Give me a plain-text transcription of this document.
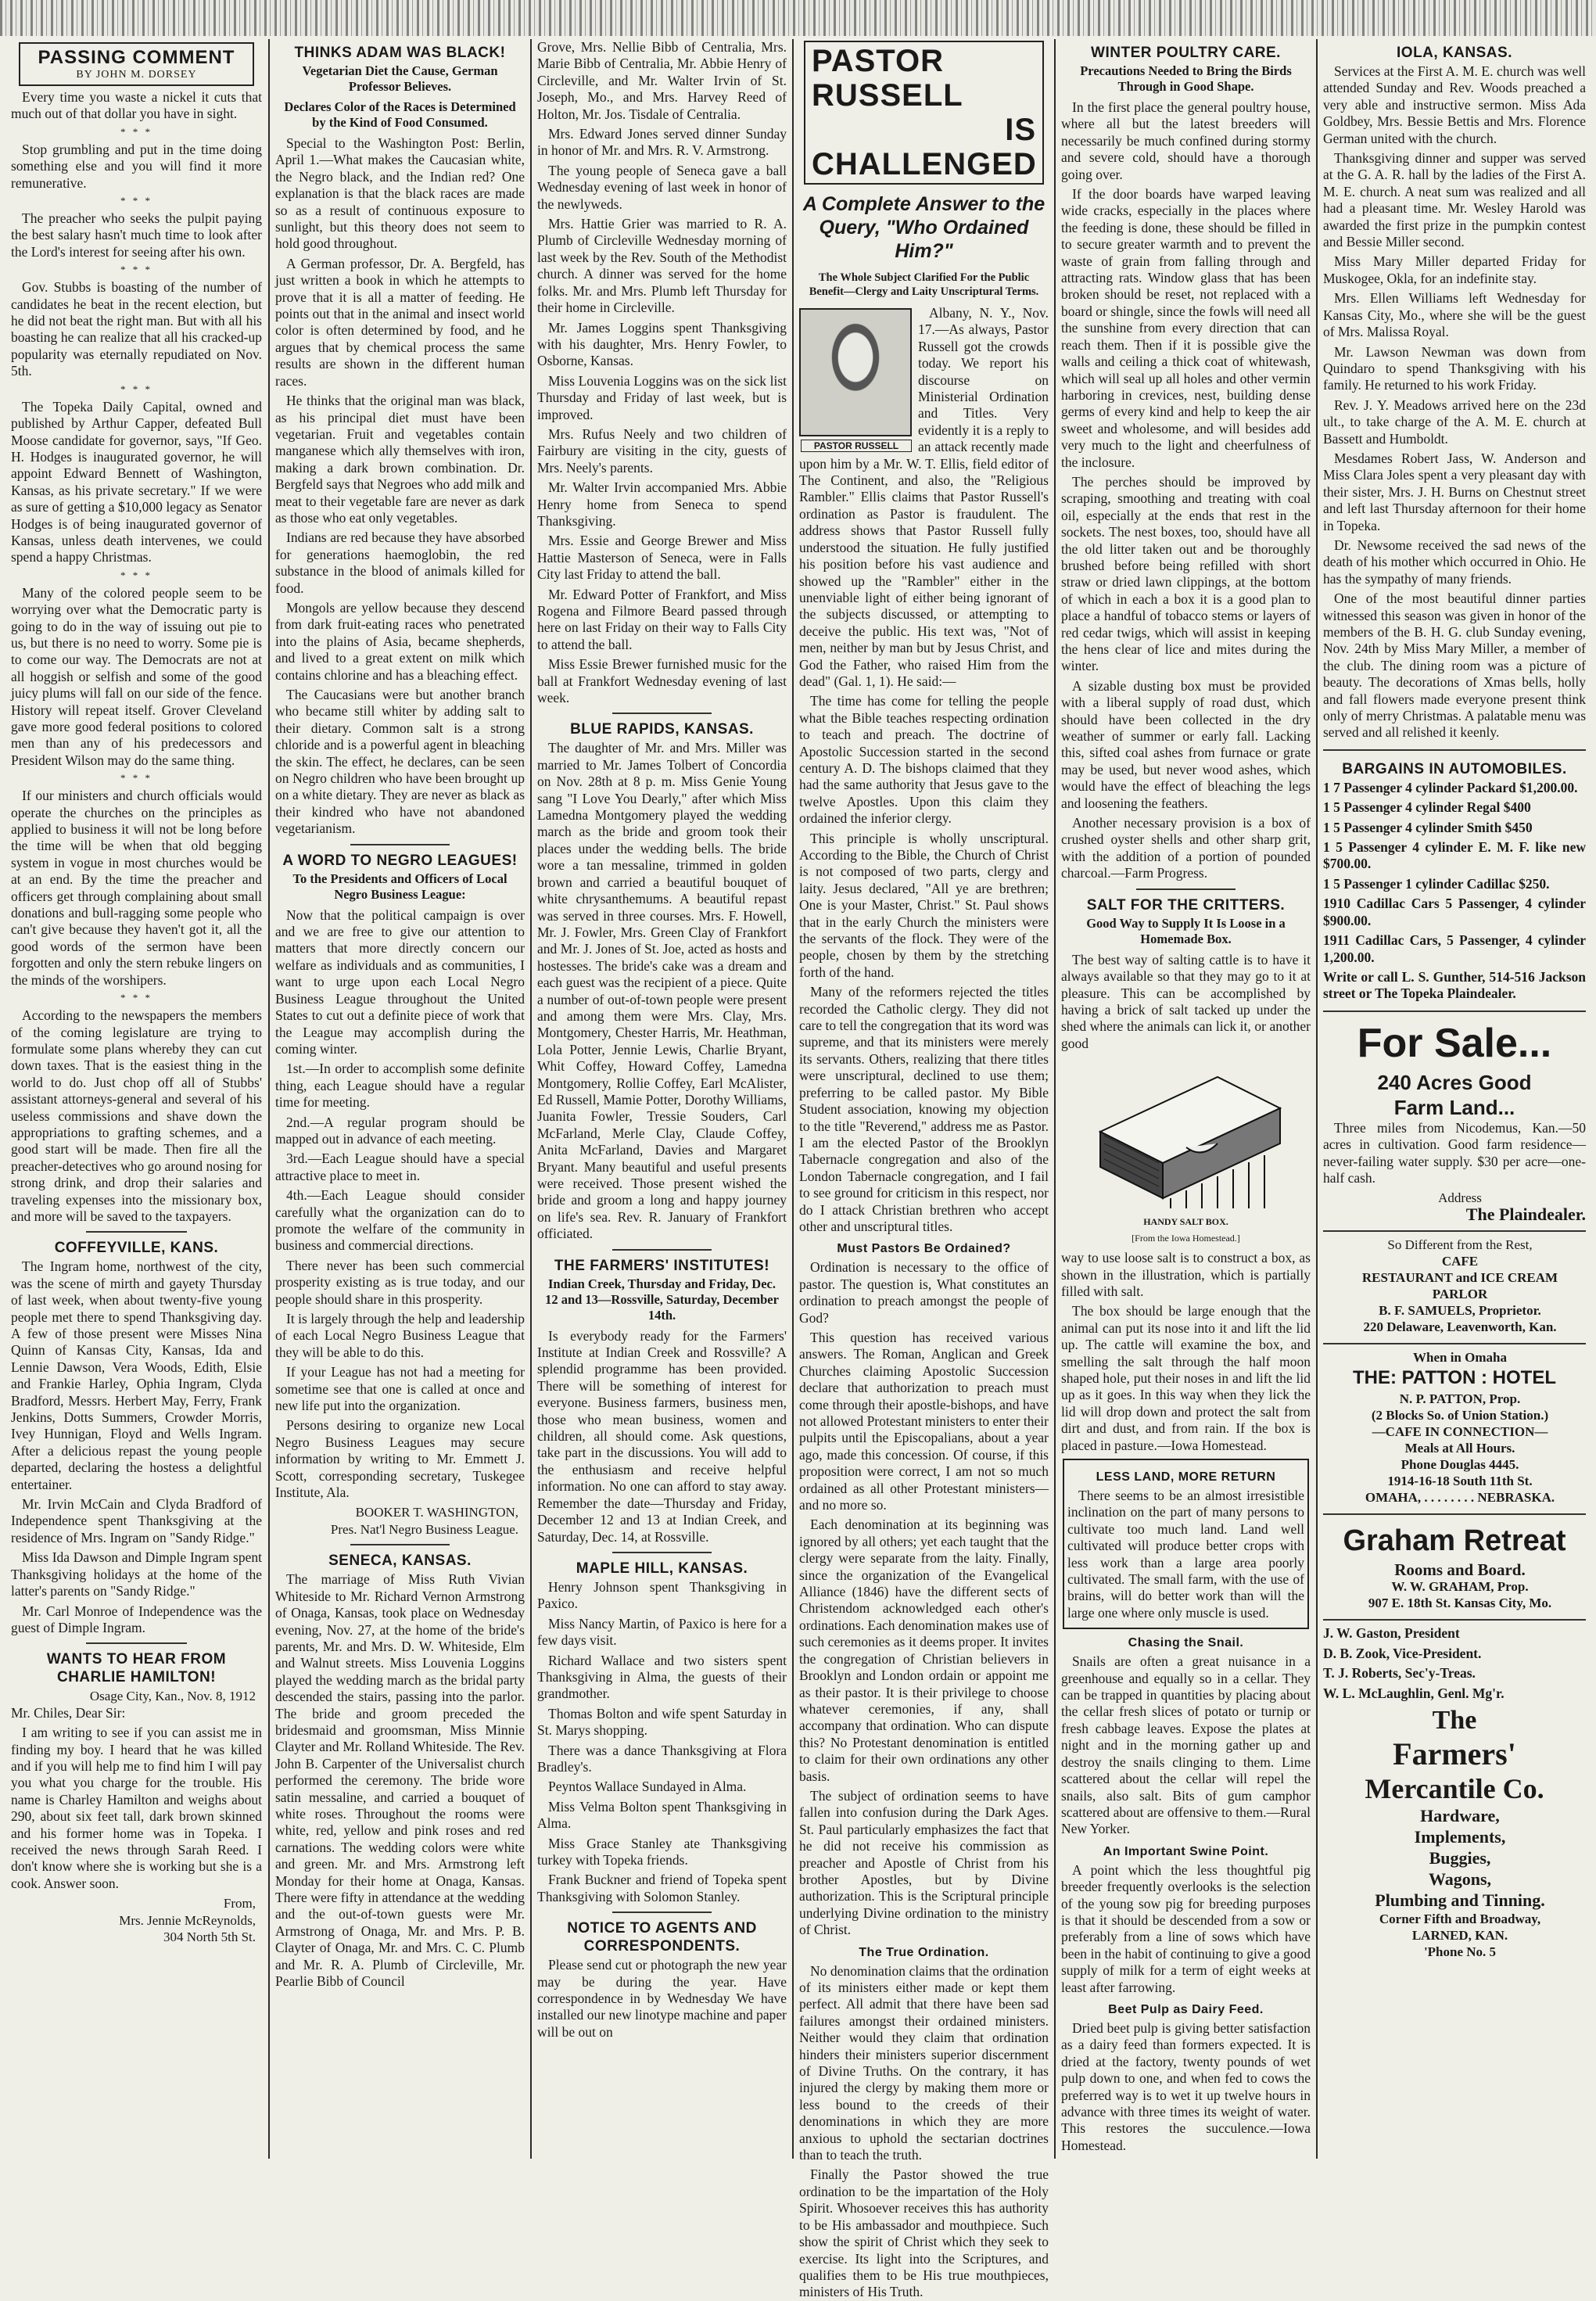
PASSING COMMENT
BY JOHN M. DORSEY

Every time you waste a nickel it cuts that much out of that dollar you have in sight.

* * *

Stop grumbling and put in the time doing something else and you will find it more remunerative.

* * *

The preacher who seeks the pulpit paying the best salary hasn't much time to look after the Lord's interest for seeing after his own.

* * *

Gov. Stubbs is boasting of the number of candidates he beat in the recent election, but he did not beat the right man. But with all his boasting he can realize that all his cracked-up popularity was eternally repudiated on Nov. 5th.

* * *

The Topeka Daily Capital, owned and published by Arthur Capper, defeated Bull Moose candidate for governor, says, "If Geo. H. Hodges is inaugurated governor, he will appoint Edward Bennett of Washington, Kansas, as his private secretary." If we were as sure of getting a $10,000 legacy as Senator Hodges is of being inaugurated governor of Kansas, unless death intervenes, we could spend a happy Christmas.

* * *

Many of the colored people seem to be worrying over what the Democratic party is going to do in the way of issuing out pie to us, but there is no need to worry. Some pie is to come our way. The Democrats are not at all hoggish or selfish and some of the good juicy plums will fall on our side of the fence. History will repeat itself. Grover Cleveland gave more good federal positions to colored men than any of his predecessors and President Wilson may do the same thing.

* * *

If our ministers and church officials would operate the churches on the principles as applied to business it will not be long before the time will be when that old begging system in vogue in most churches would be at an end. By the time the preacher and officers get through complaining about small donations and bull-ragging some people who can't give because they haven't got it, all the good words of the sermon have been forgotten and only the stern rebuke lingers on the minds of the worshipers.

* * *

According to the newspapers the members of the coming legislature are trying to formulate some plans whereby they can cut down taxes. That is the easiest thing in the world to do. Just chop off all of Stubbs' assistant attorneys-general and several of his useless commissions and shave down the appropriations to grafting schemes, and a good start will be made. Then fire all the preacher-detectives who go around nosing for strong drink, and drop their salaries and traveling expenses into the missionary box, and more will be saved to the taxpayers.

COFFEYVILLE, KANS.

The Ingram home, northwest of the city, was the scene of mirth and gayety Thursday of last week, when about twenty-five young people met there to spend Thanksgiving day. A few of those present were Misses Nina Quinn of Kansas City, Kansas, Ida and Lennie Dawson, Vera Woods, Edith, Elsie and Frankie Harley, Ophia Ingram, Clyda Bradford, Messrs. Herbert May, Ferry, Frank Jenkins, Dotts Summers, Crowder Morris, Ivey Hunnigan, Floyd and Wells Ingram. After a delicious repast the young people departed, declaring the hostess a delightful entertainer.

Mr. Irvin McCain and Clyda Bradford of Independence spent Thanksgiving at the residence of Mrs. Ingram on "Sandy Ridge."

Miss Ida Dawson and Dimple Ingram spent Thanksgiving holidays at the home of the latter's parents on "Sandy Ridge."

Mr. Carl Monroe of Independence was the guest of Dimple Ingram.

WANTS TO HEAR FROM CHARLIE HAMILTON!

Osage City, Kan., Nov. 8, 1912

Mr. Chiles, Dear Sir:

I am writing to see if you can assist me in finding my boy. I heard that he was killed and if you will help me to find him I will pay you what you charge for the trouble. His name is Charley Hamilton and weighs about 290, about six feet tall, dark brown skinned and his former home was in Topeka. I received the news through Sarah Reed. I don't know where she is working but she is a cook. Answer soon.

From,

Mrs. Jennie McReynolds,

304 North 5th St.

THINKS ADAM WAS BLACK!
Vegetarian Diet the Cause, German Professor Believes.
Declares Color of the Races is Determined by the Kind of Food Consumed.

Special to the Washington Post: Berlin, April 1.—What makes the Caucasian white, the Negro black, and the Indian red? One explanation is that the black races are made so as a result of continuous exposure to sunlight, but this theory does not seem to hold good throughout.

A German professor, Dr. A. Bergfeld, has just written a book in which he attempts to prove that it is all a matter of feeding. He points out that in the animal and insect world color is often determined by food, and he argues that by chemical process the same results are shown in the different human races.

He thinks that the original man was black, as his principal diet must have been vegetarian. Fruit and vegetables contain manganese which ally themselves with iron, making a dark brown combination. Dr. Bergfeld says that Negroes who add milk and meat to their vegetable fare are never as dark as those who eat only vegetables.

Indians are red because they have absorbed for generations haemoglobin, the red substance in the blood of animals killed for food.

Mongols are yellow because they descend from dark fruit-eating races who penetrated into the plains of Asia, became shepherds, and lived to a great extent on milk which contains chlorine and has a bleaching effect.

The Caucasians were but another branch who became still whiter by adding salt to their dietary. Common salt is a strong chloride and is a powerful agent in bleaching the skin. The effect, he declares, can be seen on Negro children who have been brought up on a white dietary. They are never as black as their kindred who have not abandoned vegetarianism.

A WORD TO NEGRO LEAGUES!
To the Presidents and Officers of Local Negro Business League:

Now that the political campaign is over and we are free to give our attention to matters that more directly concern our welfare as individuals and as communities, I want to urge upon each Local Negro Business League throughout the United States to cut out a definite piece of work that the League may accomplish during the coming winter.

1st.—In order to accomplish some definite thing, each League should have a regular time for meeting.

2nd.—A regular program should be mapped out in advance of each meeting.

3rd.—Each League should have a special attractive place to meet in.

4th.—Each League should consider carefully what the organization can do to promote the welfare of the community in business and commercial directions.

There never has been such commercial prosperity existing as is true today, and our people should share in this prosperity.

It is largely through the help and leadership of each Local Negro Business League that they will be able to do this.

If your League has not had a meeting for sometime see that one is called at once and new life put into the organization.

Persons desiring to organize new Local Negro Business Leagues may secure information by writing to Mr. Emmett J. Scott, corresponding secretary, Tuskegee Institute, Ala.

BOOKER T. WASHINGTON,

Pres. Nat'l Negro Business League.

SENECA, KANSAS.

The marriage of Miss Ruth Vivian Whiteside to Mr. Richard Vernon Armstrong of Onaga, Kansas, took place on Wednesday evening, Nov. 27, at the home of the bride's parents, Mr. and Mrs. D. W. Whiteside, Elm and Walnut streets. Miss Louvenia Loggins played the wedding march as the bridal party descended the stairs, passing into the parlor. The bride and groom preceded the bridesmaid and groomsman, Miss Minnie Clayter and Mr. Rolland Whiteside. The Rev. John B. Carpenter of the Universalist church performed the ceremony. The bride wore satin messaline, and carried a bouquet of white roses. Throughout the rooms were white, red, yellow and pink roses and red carnations. The wedding colors were white and green. Mr. and Mrs. Armstrong left Monday for their home at Onaga, Kansas. There were fifty in attendance at the wedding and the out-of-town guests were Mr. Armstrong of Onaga, Mr. and Mrs. P. B. Clayter of Onaga, Mr. and Mrs. C. C. Plumb and Mr. R. A. Plumb of Circleville, Mr. Pearlie Bibb of Council

Grove, Mrs. Nellie Bibb of Centralia, Mrs. Marie Bibb of Centralia, Mr. Abbie Henry of Circleville, and Mr. Walter Irvin of St. Joseph, Mo., and Mrs. Harvey Reed of Holton, Mr. Jos. Tisdale of Centralia.

Mrs. Edward Jones served dinner Sunday in honor of Mr. and Mrs. R. V. Armstrong.

The young people of Seneca gave a ball Wednesday evening of last week in honor of the newlyweds.

Mrs. Hattie Grier was married to R. A. Plumb of Circleville Wednesday morning of last week by the Rev. South of the Methodist church. A dinner was served for the home folks. Mr. and Mrs. Plumb left Thursday for their home in Circleville.

Mr. James Loggins spent Thanksgiving with his daughter, Mrs. Henry Fowler, to Osborne, Kansas.

Miss Louvenia Loggins was on the sick list Thursday and Friday of last week, but is improved.

Mrs. Rufus Neely and two children of Fairbury are visiting in the city, guests of Mrs. Neely's parents.

Mr. Walter Irvin accompanied Mrs. Abbie Henry home from Seneca to spend Thanksgiving.

Mrs. Essie and George Brewer and Miss Hattie Masterson of Seneca, were in Falls City last Friday to attend the ball.

Mr. Edward Potter of Frankfort, and Miss Rogena and Filmore Beard passed through here on last Friday on their way to Falls City to attend the ball.

Miss Essie Brewer furnished music for the ball at Frankfort Wednesday evening of last week.

BLUE RAPIDS, KANSAS.

The daughter of Mr. and Mrs. Miller was married to Mr. James Tolbert of Concordia on Nov. 28th at 8 p. m. Miss Genie Young sang "I Love You Dearly," after which Miss Lamedna Montgomery played the wedding march as the bride and groom took their places under the wedding bells. The bride wore a tan messaline, trimmed in golden brown and carried a beautiful bouquet of white chrysanthemums. A beautiful repast was served in three courses. Mrs. F. Howell, Mr. J. Fowler, Mrs. Green Clay of Frankfort and Mr. J. Jones of St. Joe, acted as hosts and hostesses. The bride's cake was a dream and each guest was the recipient of a piece. Quite a number of out-of-town people were present and among them were Mrs. Clay, Mrs. Montgomery, Chester Harris, Mr. Heathman, Lola Potter, Jennie Lewis, Charlie Bryant, Whit Coffey, Howard Coffey, Lamedna Montgomery, Rollie Coffey, Earl McAlister, Ed Russell, Mamie Potter, Dorothy Williams, Juanita Fowler, Tressie Souders, Carl McFarland, Merle Clay, Claude Coffey, Anita McFarland, Davies and Margaret Bryant. Many beautiful and useful presents were received. Those present wished the bride and groom a long and happy journey on life's sea. Rev. R. January of Frankfort officiated.

THE FARMERS' INSTITUTES!
Indian Creek, Thursday and Friday, Dec. 12 and 13—Rossville, Saturday, December 14th.

Is everybody ready for the Farmers' Institute at Indian Creek and Rossville? A splendid programme has been provided. There will be something of interest for everyone. Business farmers, business men, those who mean business, women and children, all should come. Ask questions, take part in the discussions. You will add to the enthusiasm and receive helpful information. No one can afford to stay away. Remember the date—Thursday and Friday, December 12 and 13 at Indian Creek, and Saturday, Dec. 14, at Rossville.

MAPLE HILL, KANSAS.

Henry Johnson spent Thanksgiving in Paxico.

Miss Nancy Martin, of Paxico is here for a few days visit.

Richard Wallace and two sisters spent Thanksgiving in Alma, the guests of their grandmother.

Thomas Bolton and wife spent Saturday in St. Marys shopping.

There was a dance Thanksgiving at Flora Bradley's.

Peyntos Wallace Sundayed in Alma.

Miss Velma Bolton spent Thanksgiving in Alma.

Miss Grace Stanley ate Thanksgiving turkey with Topeka friends.

Frank Buckner and friend of Topeka spent Thanksgiving with Solomon Stanley.

NOTICE TO AGENTS AND CORRESPONDENTS.

Please send cut or photograph the new year may be during the year. Have correspondence in by Wednesday We have installed our new linotype machine and paper will be out on

PASTOR RUSSELL
IS CHALLENGED
A Complete Answer to the Query, "Who Ordained Him?"
The Whole Subject Clarified For the Public Benefit—Clergy and Laity Unscriptural Terms.
PASTOR RUSSELL

Albany, N. Y., Nov. 17.—As always, Pastor Russell got the crowds today. We report his discourse on Ministerial Ordination and Titles. Very evidently it is a reply to an attack recently made upon him by a Mr. W. T. Ellis, field editor of The Continent, and also, the "Religious Rambler." Ellis claims that Pastor Russell's ordination as Pastor is fraudulent. The address shows that Pastor Russell fully understood the situation. He fully justified his position before his vast audience and showed up the "Rambler" either in the unenviable light of either being ignorant of the subjects discussed, or attempting to deceive the public. His text was, "Not of men, neither by man but by Jesus Christ, and God the Father, who raised Him from the dead" (Gal. 1, 1). He said:—

The time has come for telling the people what the Bible teaches respecting ordination to teach and preach. The doctrine of Apostolic Succession started in the second century A. D. The bishops claimed that they had the same authority that Jesus gave to the twelve Apostles. Upon this claim they ordained the inferior clergy.

This principle is wholly unscriptural. According to the Bible, the Church of Christ is not composed of two parts, clergy and laity. Jesus declared, "All ye are brethren; One is your Master, Christ." St. Paul shows that in the early Church the ministers were the servants of the flock. They were of the people, chosen by them by the stretching forth of the hand.

Many of the reformers rejected the titles recorded the Catholic clergy. They did not care to tell the congregation that its word was supreme, and that its ministers were merely its servants. Others, realizing that there titles were unscriptural, declined to use them; preferring to be called pastor. My Bible Student association, knowing my objection to the title "Reverend," address me as Pastor. I am the elected Pastor of the Brooklyn Tabernacle congregation and also of the London Tabernacle congregation, and I fail to see ground for criticism in this respect, nor do I attack Christian brethren who accept other and unscriptural titles.

Must Pastors Be Ordained?

Ordination is necessary to the office of pastor. The question is, What constitutes an ordination to preach amongst the people of God?

This question has received various answers. The Roman, Anglican and Greek Churches claiming Apostolic Succession declare that authorization to preach must come through their apostle-bishops, and have not allowed Protestant ministers to enter their pulpits until the Episcopalians, about a year ago, made this concession. Of course, if this proposition were correct, I am not so much ordained as all other Protestant ministers—and no more so.

Each denomination at its beginning was ignored by all others; yet each taught that the clergy were separate from the laity. Finally, since the organization of the Evangelical Alliance (1846) have the different sects of Christendom acknowledged each other's ordinations. Each denomination makes use of such ceremonies as it deems proper. It invites the congregation of Christian believers in Brooklyn and London ordain or appoint me as their pastor. It is their privilege to choose whatever ceremonies, if any, shall accompany that ordination. Who can dispute this? No Protestant denomination is entitled to claim for their own ordinations any other basis.

The subject of ordination seems to have fallen into confusion during the Dark Ages. St. Paul particularly emphasizes the fact that he did not receive his commission as preacher and Apostle of Christ from his brother Apostles, but by Divine authorization. This is the Scriptural principle underlying Divine ordination to the ministry of Christ.

The True Ordination.

No denomination claims that the ordination of its ministers either made or kept them perfect. All admit that there have been sad failures amongst their ordained ministers. Neither would they claim that ordination hinders their ministers superior discernment of Divine Truths. On the contrary, it has injured the clergy by making them more or less bound to the creeds of their denominations in which they are more anxious to uphold the sectarian doctrines than to teach the truth.

Finally the Pastor showed the true ordination to be the impartation of the Holy Spirit. Whosoever receives this has authority to be His ambassador and mouthpiece. Such show the spirit of Christ which they seek to exercise. Its light into the Scriptures, and qualifies them to be His true mouthpieces, ministers of His Truth.

WINTER POULTRY CARE.
Precautions Needed to Bring the Birds Through in Good Shape.

In the first place the general poultry house, where all but the latest breeders will necessarily be much confined during stormy and severe cold, should have a thorough going over.

If the door boards have warped leaving wide cracks, especially in the places where the feeding is done, these should be filled in to secure greater warmth and to prevent the waste of grain from falling through and attracting rats. Window glass that has been broken should be reset, not replaced with a board or shingle, since the fowls will need all the sunshine from every direction that can reach them. Then if it is possible give the walls and ceiling a thick coat of whitewash, which will seal up all holes and other vermin harboring in crevices, nest, building dense germs of every kind and help to keep the air sweet and wholesome, and will besides add very much to the light and cheerfulness of the inclosure.

The perches should be improved by scraping, smoothing and treating with coal oil, especially at the ends that rest in the sockets. The nest boxes, too, should have all the old litter taken out and be thoroughly brushed before being refilled with short straw or dried lawn clippings, at the bottom of which in each a box it is a good plan to place a handful of tobacco stems or layers of red cedar twigs, which will assist in keeping the hens clear of lice and mites during the winter.

A sizable dusting box must be provided with a liberal supply of road dust, which should have been collected in the dry weather of summer or early fall. Lacking this, sifted coal ashes from furnace or grate may be used, but never wood ashes, which would have the effect of bleaching the legs and loosening the feathers.

Another necessary provision is a box of crushed oyster shells and other sharp grit, with the addition of a portion of pounded charcoal.—Farm Progress.

SALT FOR THE CRITTERS.
Good Way to Supply It Is Loose in a Homemade Box.

The best way of salting cattle is to have it always available so that they may go to it at pleasure. This can be accomplished by having a brick of salt tacked up under the shed where the animals can lick it, or another good

HANDY SALT BOX.
[From the Iowa Homestead.]

way to use loose salt is to construct a box, as shown in the illustration, which is partially filled with salt.

The box should be large enough that the animal can put its nose into it and lift the lid up. The cattle will examine the box, and smelling the salt through the half moon shaped hole, put their noses in and lift the lid up as it goes. In this way when they lick the lid will drop down and protect the salt from dirt and dust, and from rain. If the box is placed in pasture.—Iowa Homestead.

LESS LAND, MORE RETURN

There seems to be an almost irresistible inclination on the part of many persons to cultivate too much land. Land well cultivated will produce better crops with less work than a large area poorly cultivated. The small farm, with the use of brains, will do better work than will the large one where only muscle is used.

Chasing the Snail.

Snails are often a great nuisance in a greenhouse and equally so in a cellar. They can be trapped in quantities by placing about the cellar fresh slices of potato or turnip or fresh cabbage leaves. Expose the plates at night and in the morning gather up and destroy the snails clinging to them. Lime scattered about the cellar will repel the snails, also salt. Bits of gum camphor scattered about are offensive to them.—Rural New Yorker.

An Important Swine Point.

A point which the less thoughtful pig breeder frequently overlooks is the selection of the young sow pig for breeding purposes is that it should be descended from a sow or preferably from a line of sows which have been in the habit of continuing to give a good supply of milk for a term of eight weeks at least after farrowing.

Beet Pulp as Dairy Feed.

Dried beet pulp is giving better satisfaction as a dairy feed than formers expected. It is dried at the factory, twenty pounds of wet pulp down to one, and when fed to cows the preferred way is to wet it up twelve hours in advance with three times its weight of water. This restores the succulence.—Iowa Homestead.

IOLA, KANSAS.

Services at the First A. M. E. church was well attended Sunday and Rev. Woods preached a very able and instructive sermon. Miss Ada Goldbey, Mrs. Bessie Bettis and Mrs. Florence German united with the church.

Thanksgiving dinner and supper was served at the G. A. R. hall by the ladies of the First A. M. E. church. A neat sum was realized and all had a pleasant time. Mr. Wesley Harold was awarded the first prize in the pumpkin contest and Bessie Miller second.

Miss Mary Miller departed Friday for Muskogee, Okla, for an indefinite stay.

Mrs. Ellen Williams left Wednesday for Kansas City, Mo., where she will be the guest of Mrs. Malissa Royal.

Mr. Lawson Newman was down from Quindaro to spend Thanksgiving with his family. He returned to his work Friday.

Rev. J. Y. Meadows arrived here on the 23d ult., to take charge of the A. M. E. church at Bassett and Humboldt.

Mesdames Robert Jass, W. Anderson and Miss Clara Joles spent a very pleasant day with their sister, Mrs. J. H. Burns on Chestnut street and left last Thursday afternoon for their home in Topeka.

Dr. Newsome received the sad news of the death of his mother which occurred in Ohio. He has the sympathy of many friends.

One of the most beautiful dinner parties witnessed this season was given in honor of the members of the B. H. G. club Sunday evening, Nov. 24th by Miss Mary Miller, a member of the club. The dining room was a picture of beauty. The decorations of Xmas bells, holly and fall flowers made everyone present think only of merry Christmas. A palatable menu was served and all relished it keenly.

BARGAINS IN AUTOMOBILES.

1 7 Passenger 4 cylinder Packard $1,200.00.

1 5 Passenger 4 cylinder Regal $400

1 5 Passenger 4 cylinder Smith $450

1 5 Passenger 4 cylinder E. M. F. like new $700.00.

1 5 Passenger 1 cylinder Cadillac $250.

1910 Cadillac Cars 5 Passenger, 4 cylinder $900.00.

1911 Cadillac Cars, 5 Passenger, 4 cylinder 1,200.00.

Write or call L. S. Gunther, 514-516 Jackson street or The Topeka Plaindealer.

For Sale...
240 Acres Good
Farm Land...

Three miles from Nicodemus, Kan.—50 acres in cultivation. Good farm residence—never-failing water supply. $30 per acre—one-half cash.

Address

The Plaindealer.

So Different from the Rest,

CAFE

RESTAURANT and ICE CREAM

PARLOR

B. F. SAMUELS, Proprietor.

220 Delaware, Leavenworth, Kan.

When in Omaha

THE: PATTON : HOTEL

N. P. PATTON, Prop.

(2 Blocks So. of Union Station.)

—CAFE IN CONNECTION—

Meals at All Hours.

Phone Douglas 4445.

1914-16-18 South 11th St.

OMAHA, . . . . . . . . NEBRASKA.

Graham Retreat

Rooms and Board.

W. W. GRAHAM, Prop.

907 E. 18th St. Kansas City, Mo.

J. W. Gaston, President

D. B. Zook, Vice-President.

T. J. Roberts, Sec'y-Treas.

W. L. McLaughlin, Genl. Mg'r.

The
Farmers'
Mercantile Co.

Hardware,

Implements,

Buggies,

Wagons,

Plumbing and Tinning.

Corner Fifth and Broadway,

LARNED, KAN.

'Phone No. 5
